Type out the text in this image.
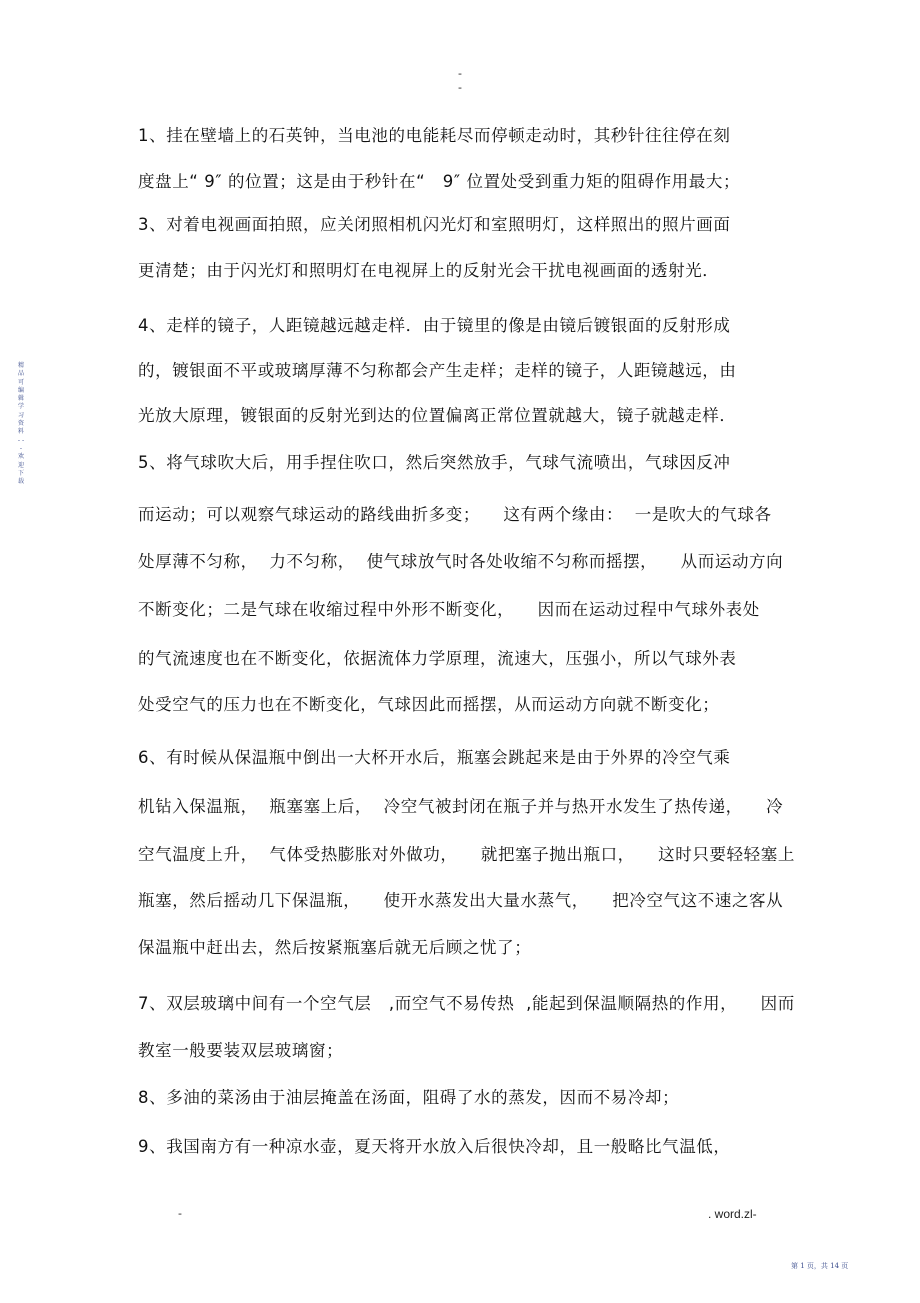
-
-
精品可编辑学习资料 - - - 欢迎下载
1、挂在壁墙上的石英钟，当电池的电能耗尽而停顿走动时，其秒针往往停在刻
度盘上“ 9″ 的位置；这是由于秒针在“   9″ 位置处受到重力矩的阻碍作用最大；
3、对着电视画面拍照，应关闭照相机闪光灯和室照明灯，这样照出的照片画面
更清楚；由于闪光灯和照明灯在电视屏上的反射光会干扰电视画面的透射光．
4、走样的镜子，人距镜越远越走样．由于镜里的像是由镜后镀银面的反射形成
的，镀银面不平或玻璃厚薄不匀称都会产生走样；走样的镜子，人距镜越远，由
光放大原理，镀银面的反射光到达的位置偏离正常位置就越大，镜子就越走样．
5、将气球吹大后，用手捏住吹口，然后突然放手，气球气流喷出，气球因反冲
而运动；可以观察气球运动的路线曲折多变；    这有两个缘由：  一是吹大的气球各
处厚薄不匀称，  力不匀称，  使气球放气时各处收缩不匀称而摇摆，    从而运动方向
不断变化；二是气球在收缩过程中外形不断变化，    因而在运动过程中气球外表处
的气流速度也在不断变化，依据流体力学原理，流速大，压强小，所以气球外表
处受空气的压力也在不断变化，气球因此而摇摆，从而运动方向就不断变化；
6、有时候从保温瓶中倒出一大杯开水后，瓶塞会跳起来是由于外界的冷空气乘
机钻入保温瓶，  瓶塞塞上后，  冷空气被封闭在瓶子并与热开水发生了热传递，    冷
空气温度上升，  气体受热膨胀对外做功，    就把塞子抛出瓶口，    这时只要轻轻塞上
瓶塞，然后摇动几下保温瓶，    使开水蒸发出大量水蒸气，    把冷空气这不速之客从
保温瓶中赶出去，然后按紧瓶塞后就无后顾之忧了；
7、双层玻璃中间有一个空气层   ,而空气不易传热  ,能起到保温顺隔热的作用，    因而
教室一般要装双层玻璃窗；
8、多油的菜汤由于油层掩盖在汤面，阻碍了水的蒸发，因而不易冷却；
9、我国南方有一种凉水壶，夏天将开水放入后很快冷却，且一般略比气温低，
-	. word.zl-
第 1 页，共 14 页
